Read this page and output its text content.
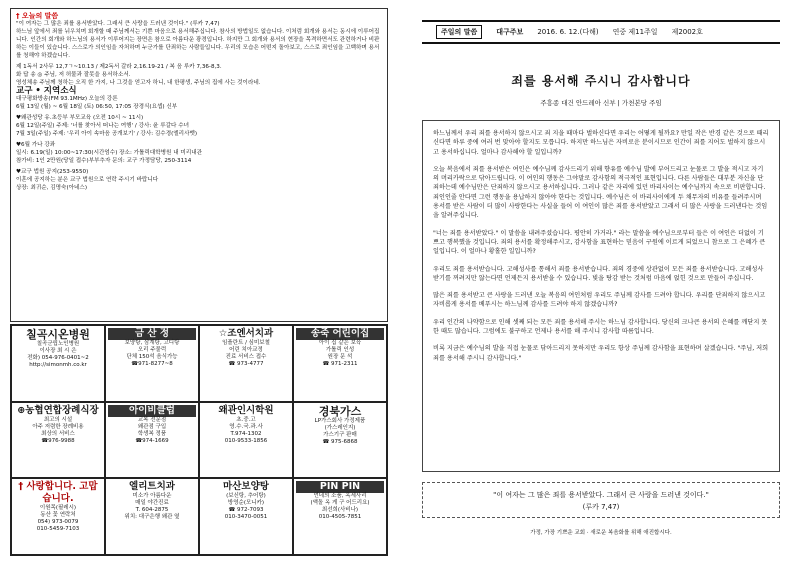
† 오늘의 말씀

"이 여자는 그 많은 죄를 용서받았다. 그래서 큰 사랑을 드러낸 것이다." (루카 7,47)

하느님 앞에서 죄를 뉘우치며 회개할 때 주님께서는 기쁜 마음으로 용서해주십니다. 참사의 방법일도 없습니다. 이처럼 회개와 용서는 동시에 이루어집니다. 인간의 회개와 하느님의 용서가 이루어지는 장면은 참으로 아름다운 광경입니다. 하지만 그 회개와 용서의 현장을 목격하면서도 관련하거나 비판하는 이들이 있습니다. 스스로가 의인임을 자처하며 누군가를 단죄하는 사람들입니다. 우리의 모습은 어떤지 돌아보고, 스스로 죄인임을 고백하며 용서를 청해야 하겠습니다.

제 1독서 2사무 12,7ㄱ~10.13 / 제2독서 갈라 2,16.19-21 / 복 음 루카 7,36-8,3.

화 답 송 ◎ 주님, 저 허물과 잘못을 용서하소서.

영성체송 주님께 청하는 오직 한 가지, 나 그것을 얻고자 하니, 내 한평생, 주님의 집에 사는 것이라네.

교구 • 지역소식

대구평화방송(FM 93.1MHz) 오늘의 강론

6월 13일 (월) ~ 6월 18일 (토) 06:50, 17:05 장경식(요셉) 신부

♥왜관성당 유.초등부 부모교육 (오전 10시 ~ 11시)

6월 12일(주일) 주제: '너를 찾아서 떠나는 여행' / 강사: 윤 루갈다 수녀

7월 3일(주일) 주제: '우리 아이 속마음 공개보기' / 강사: 김수경(엘리사벳)

♥6월 가나 강좌

일시: 6.19(일) 10:00~17:30(시간엄수) 장소: 가톨릭대학병원 내 미리내관

참가비: 1인 2만원(당일 접수)부부추자 문의: 교구 가정담당, 250-3114

♥교구 법원 공지(253-9550)

이혼에 공지하는 분은 교구 법원으로 연락 주시기 바랍니다

상장: 최귀순, 김명숙(아네스)

칠곡시온병원
칠곡군립노인병원
이사장 최 시 은
전화) 054-976-0401~2
http://simonmh.co.kr
금 산 정
보양탕, 삼계탕, 고디탕
오리 주물럭
단체 150석 음식가능
☎971-8277~8
☆조엔서치과
임플란트 / 심미보철
어린 치아교정
진료 서비스 접수
☎ 973-4777
송죽 어린이집
아이 집 같은 보육
가톨릭 인성
원장 문 석
☎ 971-2311
⊕농협연합장례식장
최고의 시설
아주 저렴한 장례비용
최상의 서비스
☎976-9988
아이비클럽
교복 전문점
왜관점 구입
학생복 정품
☎974-1669
왜관인시학원
초.중.고
영.수.국.과.사
T.974-1302
010-9533-1856
경북가스
LP가스회사 가정제품
(가스레인지)
가스기구 판매
☎ 975-6868
† 사랑합니다. 고맙습니다.
이원목(필레시)
동산 꽃 연락처
054) 973-0079
010-5459-7103
엘리트치과
미소가 아름다운
매일 야간진료
T. 604-2875
위치: 대구은행 왜관 옆
마산보양탕
(보신탕, 추어탕)
방영순(모니카)
☎ 972-7093
010-3470-0051
PIN PIN
언네의 소품, 옥세사리
(액돌 옥 게 구 어드리요)
최선희(사비나)
010-4505-7851
주일의 말씀	대구주보 2016. 6. 12.(다해) 연중 제11주일 제2002호
죄를 용서해 주시니 감사합니다
주흥종 대건 안드레아 신부 | 가천본당 주임

하느님께서 우리 죄를 용서하지 않으시고 죄 지을 때마다 벌하신다면 우리는 어떻게 될까요? 만일 작은 반경 같은 것으로 때리신다면 하루 중에 여러 번 맞아야 할지도 모릅니다. 하지만 하느님은 자비로운 분이시므로 인간이 죄를 지어도 벌하지 않으시고 용서하십니다. 얼마나 감사해야 할 일입니까?

오늘 복음에서 죄를 용서받은 여인은 예수님께 감사드리기 위해 향유를 예수님 발에 부어드리고 눈물로 그 발을 적시고 자기의 머리카락으로 닦아드립니다. 이 여인의 행동은 그야말로 감사함의 적극적인 표현입니다. 다른 사람들은 대부분 자신을 단죄하는데 예수님만은 단죄하지 않으시고 용서하십니다. 그러나 같은 자리에 있던 바리사이는 예수님까지 속으로 비판합니다. 죄인인줄 안다면 그런 행동을 용납하지 않아야 한다는 것입니다. 예수님은 이 바리사이에게 두 채무자의 비유를 들려주시며 용서를 받은 사람이 더 많이 사랑한다는 사실을 들어 이 여인이 많은 죄를 용서받았고 그래서 더 많은 사랑을 드러낸다는 것임을 알려주십니다.

"너는 죄를 용서받았다." 이 말씀을 내려주셨습니다. 평안히 가거라." 라는 말씀을 예수님으로부터 들은 이 여인은 더없이 기쁘고 행복했을 것입니다. 죄의 용서를 확정해주시고, 감사함을 표현하는 믿음이 구원에 이르게 되었으니 참으로 그 은혜가 큰 일입니다. 이 얼마나 황홀한 일입니까?

우리도 죄를 용서받습니다. 고해성사를 통해서 죄를 용서받습니다. 죄의 경중에 상관없이 모든 죄를 용서받습니다. 고해성사 받기를 꺼려지만 않는다면 언제든지 용서받을 수 있습니다. 빛을 탕감 받는 것처럼 마음에 얹힌 것으로 만들어 주십니다.

많은 죄를 용서받고 큰 사랑을 드러낸 오늘 복음의 여인처럼 우리도 주님께 감사를 드려야 합니다. 우리를 단죄하지 않으시고 자비롭게 용서를 베푸시는 하느님께 감사를 드려야 하지 않겠습니까?

우리 인간의 나약함으로 인해 셋째 되는 모든 죄를 용서해 주시는 하느님 감사합니다. 당신의 크나큰 용서의 은혜를 깨닫지 못한 때도 많습니다. 그럼에도 불구하고 언제나 용서를 해 주시니 감사합 따름입니다.

비록 지금은 예수님의 발을 직접 눈물로 닦아드리지 못하지만 우리도 항상 주님께 감사함을 표현하며 살겠습니다. "주님, 저희 죄를 용서해 주시니 감사합니다."

"이 여자는 그 많은 죄를 용서받았다. 그래서 큰 사랑을 드러낸 것이다."
(루카 7,47)
가정, 가장 기쁘운 교회 · 새로운 복음화를 위해 애진합시다.
